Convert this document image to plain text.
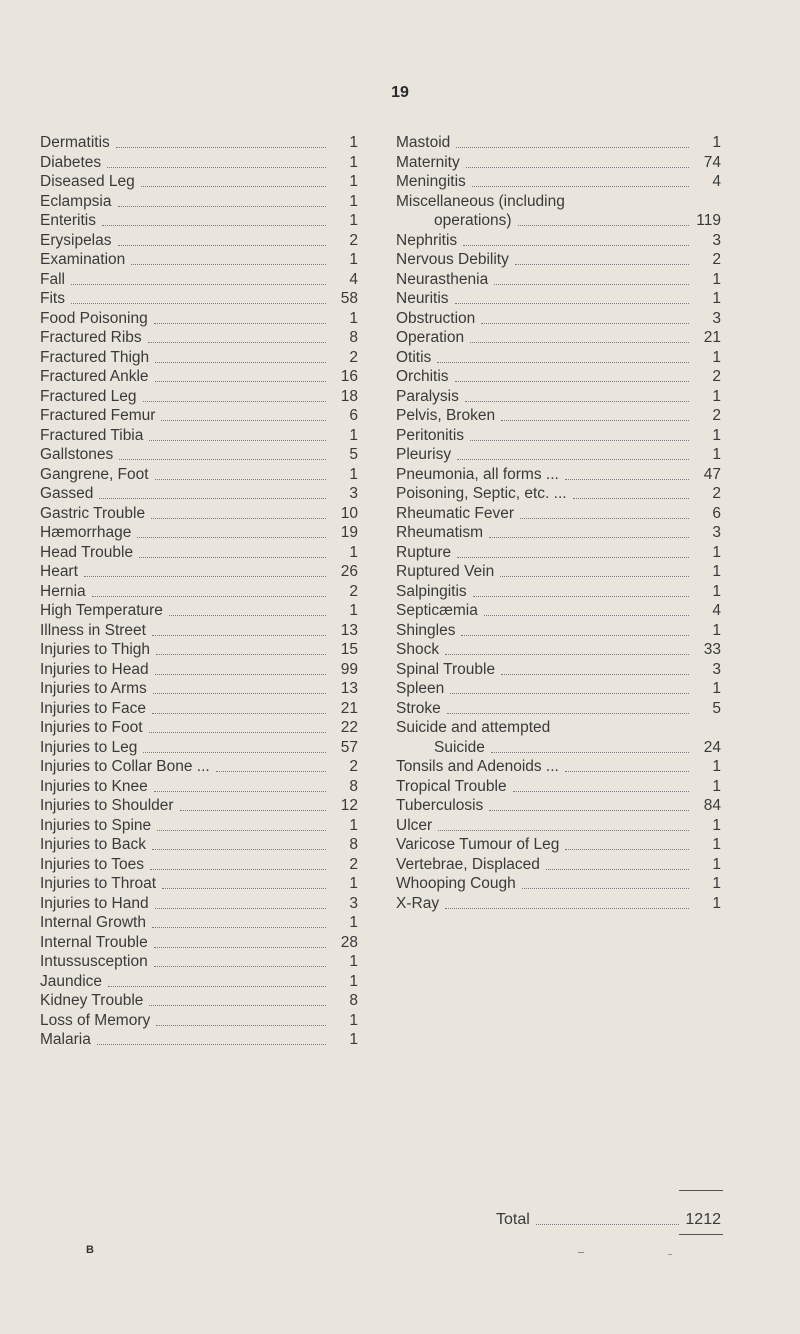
19
Dermatitis	1
Diabetes	1
Diseased Leg	1
Eclampsia	1
Enteritis	1
Erysipelas	2
Examination	1
Fall	4
Fits	58
Food Poisoning	1
Fractured Ribs	8
Fractured Thigh	2
Fractured Ankle	16
Fractured Leg	18
Fractured Femur	6
Fractured Tibia	1
Gallstones	5
Gangrene, Foot	1
Gassed	3
Gastric Trouble	10
Hæmorrhage	19
Head Trouble	1
Heart	26
Hernia	2
High Temperature	1
Illness in Street	13
Injuries to Thigh	15
Injuries to Head	99
Injuries to Arms	13
Injuries to Face	21
Injuries to Foot	22
Injuries to Leg	57
Injuries to Collar Bone ...	2
Injuries to Knee	8
Injuries to Shoulder	12
Injuries to Spine	1
Injuries to Back	8
Injuries to Toes	2
Injuries to Throat	1
Injuries to Hand	3
Internal Growth	1
Internal Trouble	28
Intussusception	1
Jaundice	1
Kidney Trouble	8
Loss of Memory	1
Malaria	1
Mastoid	1
Maternity	74
Meningitis	4
Miscellaneous (including
operations)	119
Nephritis	3
Nervous Debility	2
Neurasthenia	1
Neuritis	1
Obstruction	3
Operation	21
Otitis	1
Orchitis	2
Paralysis	1
Pelvis, Broken	2
Peritonitis	1
Pleurisy	1
Pneumonia, all forms ...	47
Poisoning, Septic, etc. ...	2
Rheumatic Fever	6
Rheumatism	3
Rupture	1
Ruptured Vein	1
Salpingitis	1
Septicæmia	4
Shingles	1
Shock	33
Spinal Trouble	3
Spleen	1
Stroke	5
Suicide and attempted
Suicide	24
Tonsils and Adenoids ...	1
Tropical Trouble	1
Tuberculosis	84
Ulcer	1
Varicose Tumour of Leg	1
Vertebrae, Displaced	1
Whooping Cough	1
X-Ray	1
Total	1212
B
